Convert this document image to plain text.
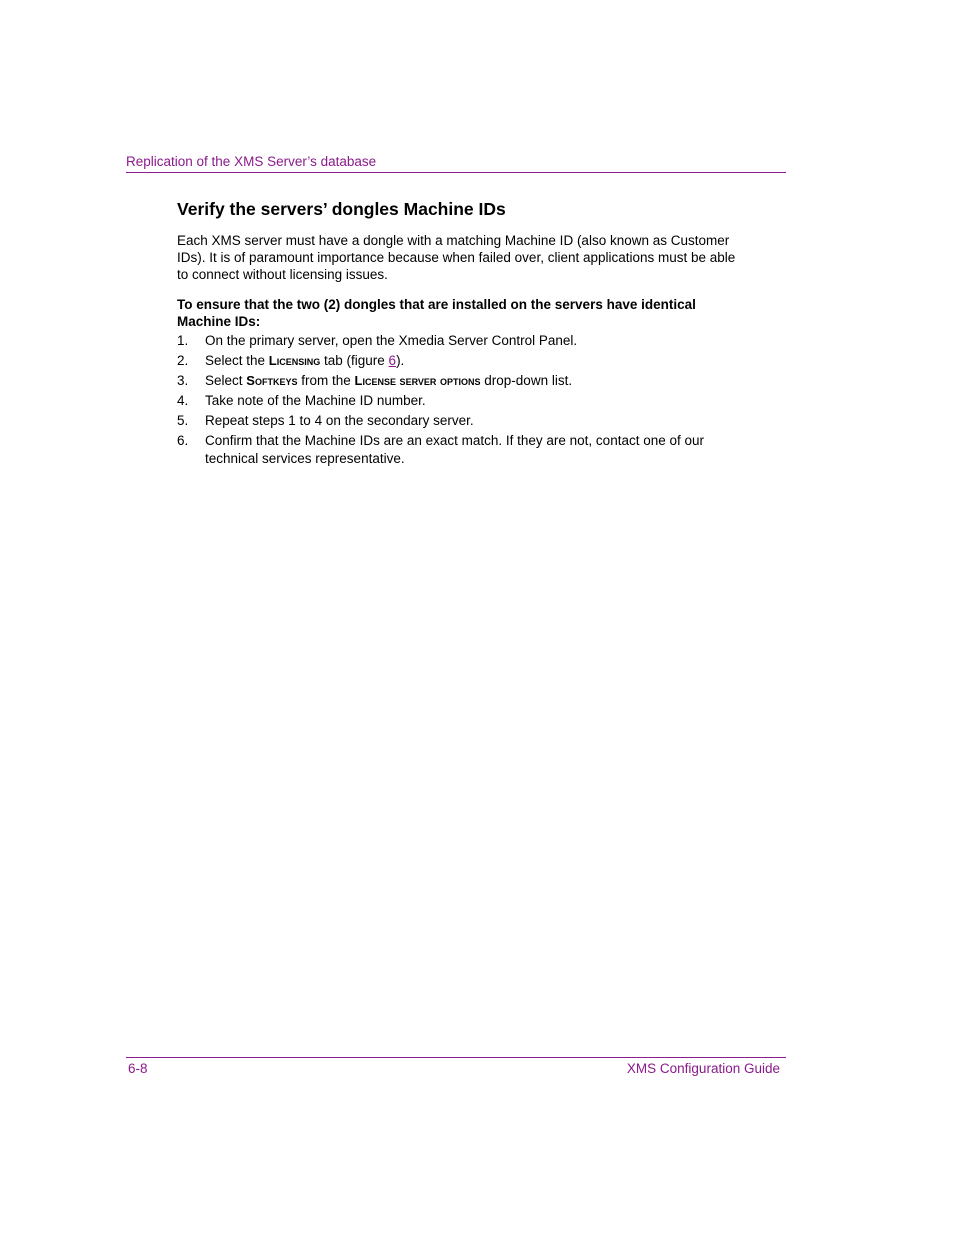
Replication of the XMS Server’s database
Verify the servers’ dongles Machine IDs

Each XMS server must have a dongle with a matching Machine ID (also known as Customer IDs). It is of paramount importance because when failed over, client applications must be able to connect without licensing issues.

To ensure that the two (2) dongles that are installed on the servers have identical Machine IDs:

1. On the primary server, open the Xmedia Server Control Panel.
2. Select the Licensing tab (figure 6).
3. Select Softkeys from the License server options drop-down list.
4. Take note of the Machine ID number.
5. Repeat steps 1 to 4 on the secondary server.
6. Confirm that the Machine IDs are an exact match. If they are not, contact one of our technical services representative.
6-8	XMS Configuration Guide
